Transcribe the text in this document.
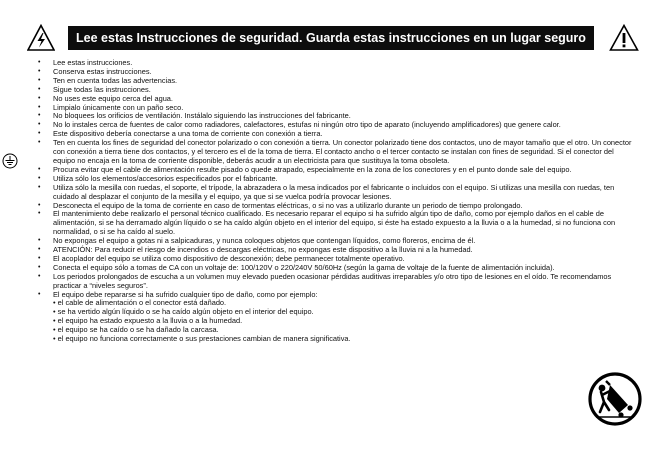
Lee estas Instrucciones de seguridad. Guarda estas instrucciones en un lugar seguro
• Lee estas instrucciones.
• Conserva estas instrucciones.
• Ten en cuenta todas las advertencias.
• Sigue todas las instrucciones.
• No uses este equipo cerca del agua.
• Limpialo únicamente con un paño seco.
• No bloquees los orificios de ventilación. Instálalo siguiendo las instrucciones del fabricante.
• No lo instales cerca de fuentes de calor como radiadores, calefactores, estufas ni ningún otro tipo de aparato (incluyendo amplificadores) que genere calor.
• Este dispositivo debería conectarse a una toma de corriente con conexión a tierra.
• Ten en cuenta los fines de seguridad del conector polarizado o con conexión a tierra. Un conector polarizado tiene dos contactos, uno de mayor tamaño que el otro. Un conector con conexión a tierra tiene dos contactos, y el tercero es el de la toma de tierra. El contacto ancho o el tercer contacto se instalan con fines de seguridad. Si el conector del equipo no encaja en la toma de corriente disponible, deberás acudir a un electricista para que sustituya la toma obsoleta.
• Procura evitar que el cable de alimentación resulte pisado o quede atrapado, especialmente en la zona de los conectores y en el punto donde sale del equipo.
• Utiliza sólo los elementos/accesorios especificados por el fabricante.
• Utiliza sólo la mesilla con ruedas, el soporte, el trípode, la abrazadera o la mesa indicados por el fabricante o incluidos con el equipo. Si utilizas una mesilla con ruedas, ten cuidado al desplazar el conjunto de la mesilla y el equipo, ya que si se vuelca podría provocar lesiones.
• Desconecta el equipo de la toma de corriente en caso de tormentas eléctricas, o si no vas a utilizarlo durante un periodo de tiempo prolongado.
• El mantenimiento debe realizarlo el personal técnico cualificado. Es necesario reparar el equipo si ha sufrido algún tipo de daño, como por ejemplo daños en el cable de alimentación, si se ha derramado algún líquido o se ha caído algún objeto en el interior del equipo, si éste ha estado expuesto a la lluvia o a la humedad, si no funciona con normalidad, o si se ha caído al suelo.
• No expongas el equipo a gotas ni a salpicaduras, y nunca coloques objetos que contengan líquidos, como floreros, encima de él.
• ATENCIÓN: Para reducir el riesgo de incendios o descargas eléctricas, no expongas este dispositivo a la lluvia ni a la humedad.
• El acoplador del equipo se utiliza como dispositivo de desconexión; debe permanecer totalmente operativo.
• Conecta el equipo sólo a tomas de CA con un voltaje de: 100/120V o 220/240V 50/60Hz (según la gama de voltaje de la fuente de alimentación incluida).
• Los periodos prolongados de escucha a un volumen muy elevado pueden ocasionar pérdidas auditivas irreparables y/o otro tipo de lesiones en el oído. Te recomendamos practicar a “niveles seguros”.
• El equipo debe repararse si ha sufrido cualquier tipo de daño, como por ejemplo:
• el cable de alimentación o el conector está dañado.
• se ha vertido algún líquido o se ha caído algún objeto en el interior del equipo.
• el equipo ha estado expuesto a la lluvia o a la humedad.
• el equipo se ha caído o se ha dañado la carcasa.
• el equipo no funciona correctamente o sus prestaciones cambian de manera significativa.
